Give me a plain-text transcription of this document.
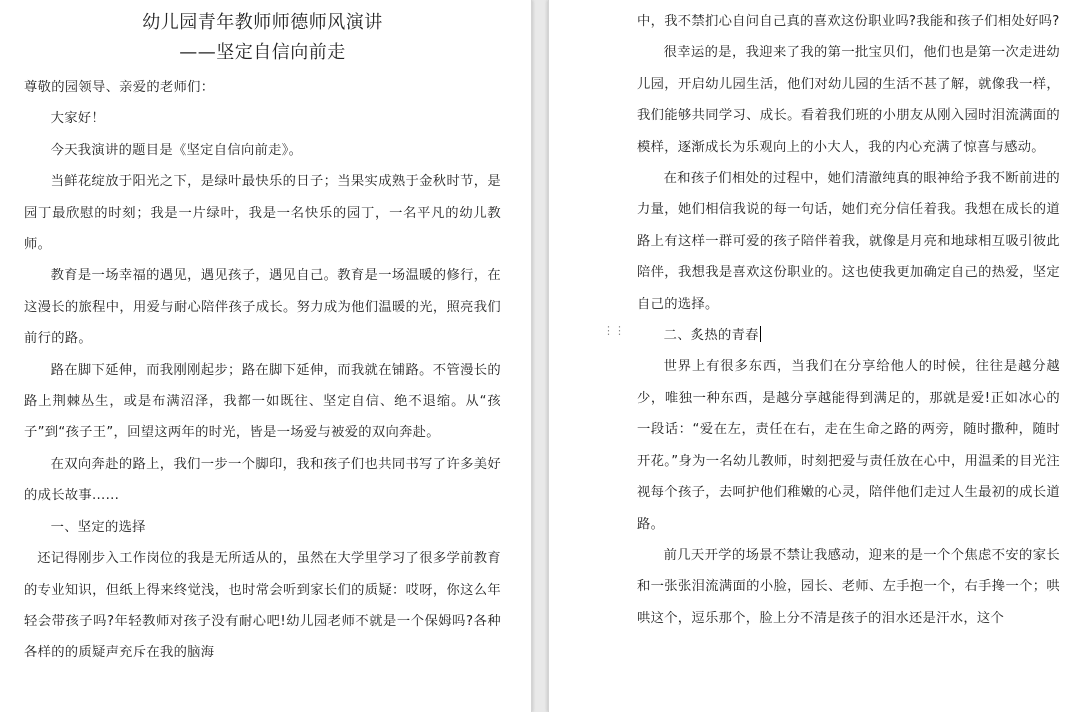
幼儿园青年教师师德师风演讲
——坚定自信向前走

尊敬的园领导、亲爱的老师们：

大家好！

今天我演讲的题目是《坚定自信向前走》。

当鲜花绽放于阳光之下，是绿叶最快乐的日子；当果实成熟于金秋时节，是园丁最欣慰的时刻；我是一片绿叶，我是一名快乐的园丁，一名平凡的幼儿教师。

教育是一场幸福的遇见，遇见孩子，遇见自己。教育是一场温暖的修行，在这漫长的旅程中，用爱与耐心陪伴孩子成长。努力成为他们温暖的光，照亮我们前行的路。

路在脚下延伸，而我刚刚起步；路在脚下延伸，而我就在铺路。不管漫长的路上荆棘丛生，或是布满沼泽，我都一如既往、坚定自信、绝不退缩。从“孩子”到“孩子王”，回望这两年的时光，皆是一场爱与被爱的双向奔赴。

在双向奔赴的路上，我们一步一个脚印，我和孩子们也共同书写了许多美好的成长故事......

一、坚定的选择

还记得刚步入工作岗位的我是无所适从的，虽然在大学里学习了很多学前教育的专业知识，但纸上得来终觉浅，也时常会听到家长们的质疑：哎呀，你这么年轻会带孩子吗?年轻教师对孩子没有耐心吧!幼儿园老师不就是一个保姆吗?各种各样的的质疑声充斥在我的脑海

中，我不禁扪心自问自己真的喜欢这份职业吗?我能和孩子们相处好吗?

很幸运的是，我迎来了我的第一批宝贝们，他们也是第一次走进幼儿园，开启幼儿园生活，他们对幼儿园的生活不甚了解，就像我一样，我们能够共同学习、成长。看着我们班的小朋友从刚入园时泪流满面的模样，逐渐成长为乐观向上的小大人，我的内心充满了惊喜与感动。

在和孩子们相处的过程中，她们清澈纯真的眼神给予我不断前进的力量，她们相信我说的每一句话，她们充分信任着我。我想在成长的道路上有这样一群可爱的孩子陪伴着我，就像是月亮和地球相互吸引彼此陪伴，我想我是喜欢这份职业的。这也使我更加确定自己的热爱，坚定自己的选择。

⋮⋮	二、炙热的青春

世界上有很多东西，当我们在分享给他人的时候，往往是越分越少，唯独一种东西，是越分享越能得到满足的，那就是爱!正如冰心的一段话：“爱在左，责任在右，走在生命之路的两旁，随时撒种，随时开花。”身为一名幼儿教师，时刻把爱与责任放在心中，用温柔的目光注视每个孩子，去呵护他们稚嫩的心灵，陪伴他们走过人生最初的成长道路。

前几天开学的场景不禁让我感动，迎来的是一个个焦虑不安的家长和一张张泪流满面的小脸，园长、老师、左手抱一个，右手搀一个；哄哄这个，逗乐那个，脸上分不清是孩子的泪水还是汗水，这个
